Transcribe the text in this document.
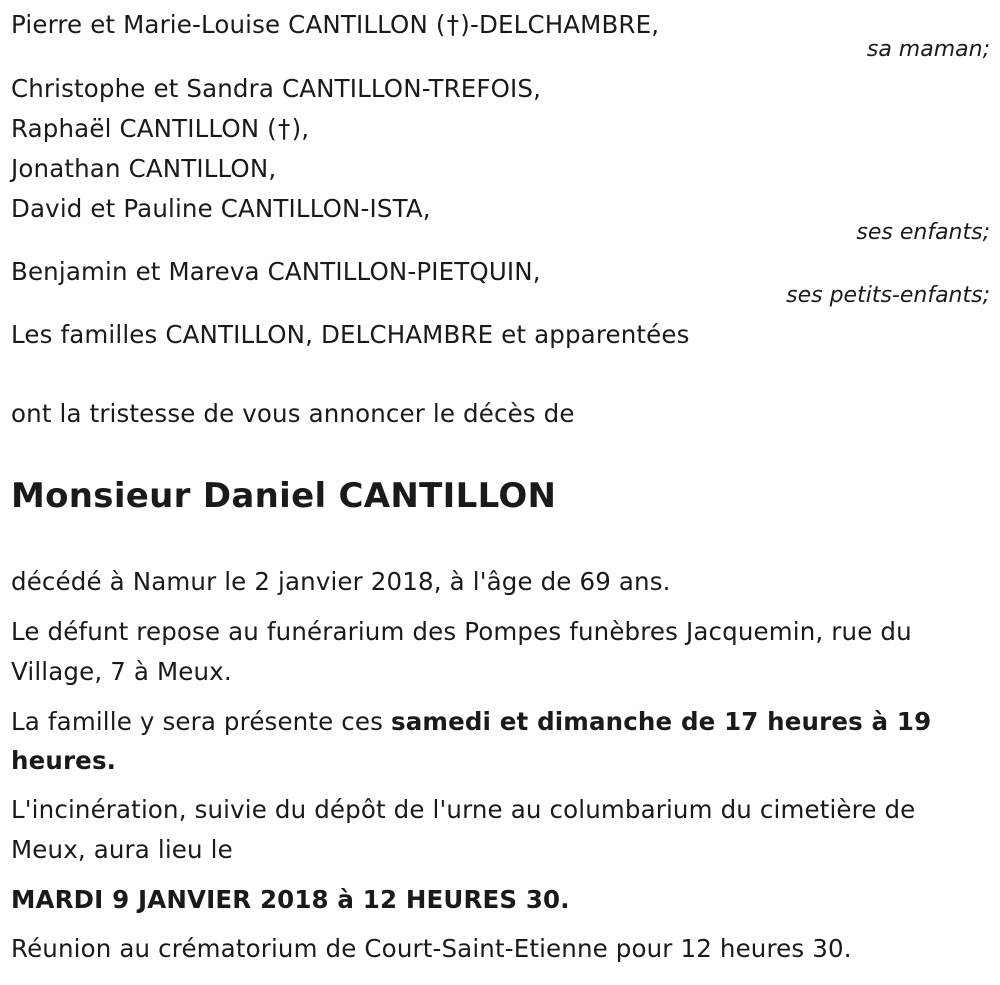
Pierre et Marie-Louise CANTILLON (†)-DELCHAMBRE,
sa maman;
Christophe et Sandra CANTILLON-TREFOIS,
Raphaël CANTILLON (†),
Jonathan CANTILLON,
David et Pauline CANTILLON-ISTA,
ses enfants;
Benjamin et Mareva CANTILLON-PIETQUIN,
ses petits-enfants;
Les familles CANTILLON, DELCHAMBRE et apparentées
ont la tristesse de vous annoncer le décès de
Monsieur Daniel CANTILLON
décédé à Namur le 2 janvier 2018, à l'âge de 69 ans.
Le défunt repose au funérarium des Pompes funèbres Jacquemin, rue du
Village, 7 à Meux.
La famille y sera présente ces samedi et dimanche de 17 heures à 19
heures.
L'incinération, suivie du dépôt de l'urne au columbarium du cimetière de
Meux, aura lieu le
MARDI 9 JANVIER 2018 à 12 HEURES 30.
Réunion au crématorium de Court-Saint-Etienne pour 12 heures 30.
